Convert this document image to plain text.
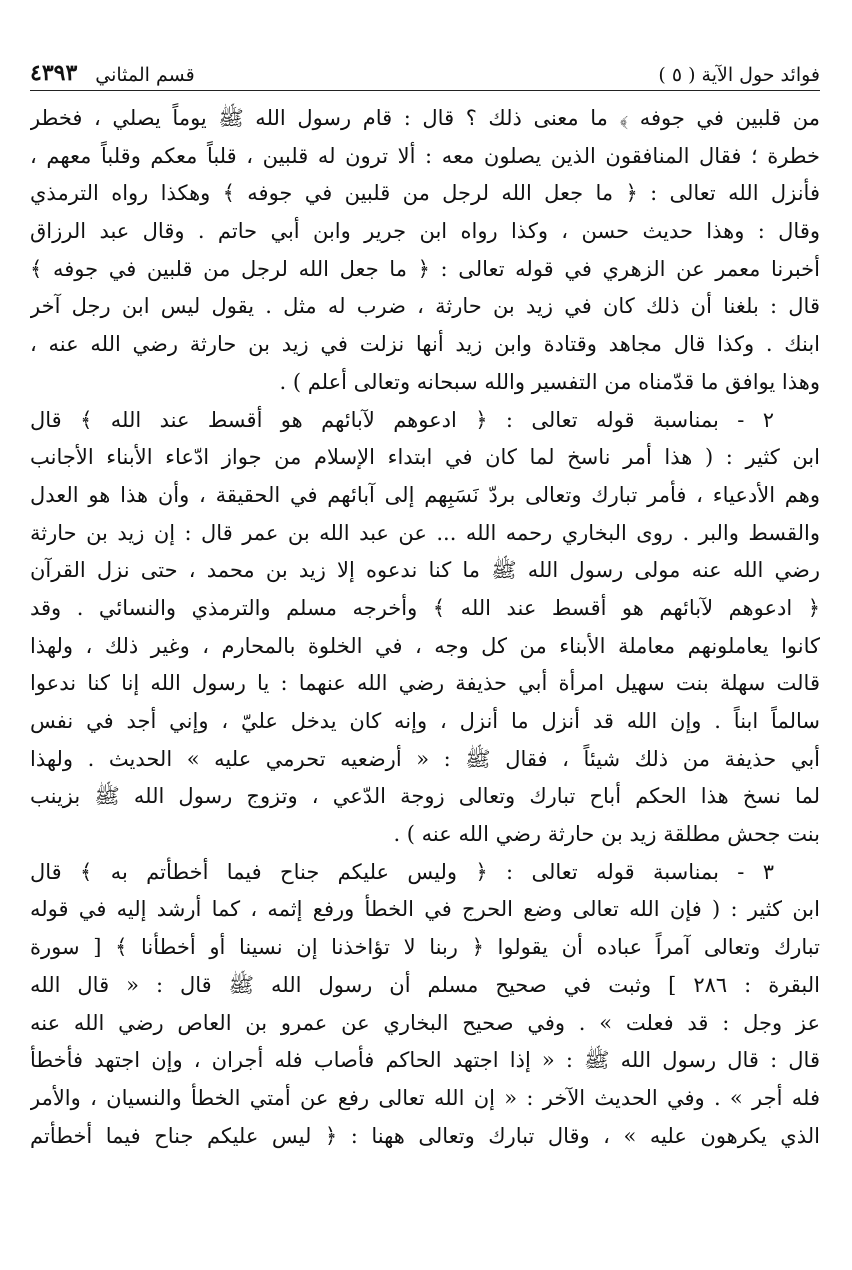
فوائد حول الآية ( ٥ )
قسم المثاني
٤٣٩٣
من قلبين في جوفه ﴾ ما معنى ذلك ؟ قال : قام رسول الله ﷺ يوماً يصلي ، فخطر
خطرة ؛ فقال المنافقون الذين يصلون معه : ألا ترون له قلبين ، قلباً معكم وقلباً معهم ،
فأنزل الله تعالى : ﴿ ما جعل الله لرجل من قلبين في جوفه ﴾ وهكذا رواه الترمذي
وقال : وهذا حديث حسن ، وكذا رواه ابن جرير وابن أبي حاتم . وقال عبد الرزاق
أخبرنا معمر عن الزهري في قوله تعالى : ﴿ ما جعل الله لرجل من قلبين في جوفه ﴾
قال : بلغنا أن ذلك كان في زيد بن حارثة ، ضرب له مثل . يقول ليس ابن رجل آخر
ابنك . وكذا قال مجاهد وقتادة وابن زيد أنها نزلت في زيد بن حارثة رضي الله عنه ،
وهذا يوافق ما قدّمناه من التفسير والله سبحانه وتعالى أعلم ) .
٢ - بمناسبة قوله تعالى : ﴿ ادعوهم لآبائهم هو أقسط عند الله ﴾ قال
ابن كثير : ( هذا أمر ناسخ لما كان في ابتداء الإسلام من جواز ادّعاء الأبناء الأجانب
وهم الأدعياء ، فأمر تبارك وتعالى بردّ نَسَبِهم إلى آبائهم في الحقيقة ، وأن هذا هو العدل
والقسط والبر . روى البخاري رحمه الله ... عن عبد الله بن عمر قال : إن زيد بن حارثة
رضي الله عنه مولى رسول الله ﷺ ما كنا ندعوه إلا زيد بن محمد ، حتى نزل القرآن
﴿ ادعوهم لآبائهم هو أقسط عند الله ﴾ وأخرجه مسلم والترمذي والنسائي . وقد
كانوا يعاملونهم معاملة الأبناء من كل وجه ، في الخلوة بالمحارم ، وغير ذلك ، ولهذا
قالت سهلة بنت سهيل امرأة أبي حذيفة رضي الله عنهما : يا رسول الله إنا كنا ندعوا
سالماً ابناً . وإن الله قد أنزل ما أنزل ، وإنه كان يدخل عليّ ، وإني أجد في نفس
أبي حذيفة من ذلك شيئاً ، فقال ﷺ : « أرضعيه تحرمي عليه » الحديث . ولهذا
لما نسخ هذا الحكم أباح تبارك وتعالى زوجة الدّعي ، وتزوج رسول الله ﷺ بزينب
بنت جحش مطلقة زيد بن حارثة رضي الله عنه ) .
٣ - بمناسبة قوله تعالى : ﴿ وليس عليكم جناح فيما أخطأتم به ﴾ قال
ابن كثير : ( فإن الله تعالى وضع الحرج في الخطأ ورفع إثمه ، كما أرشد إليه في قوله
تبارك وتعالى آمراً عباده أن يقولوا ﴿ ربنا لا تؤاخذنا إن نسينا أو أخطأنا ﴾ [ سورة
البقرة : ٢٨٦ ] وثبت في صحيح مسلم أن رسول الله ﷺ قال : « قال الله
عز وجل : قد فعلت » . وفي صحيح البخاري عن عمرو بن العاص رضي الله عنه
قال : قال رسول الله ﷺ : « إذا اجتهد الحاكم فأصاب فله أجران ، وإن اجتهد فأخطأ
فله أجر » . وفي الحديث الآخر : « إن الله تعالى رفع عن أمتي الخطأ والنسيان ، والأمر
الذي يكرهون عليه » ، وقال تبارك وتعالى ههنا : ﴿ ليس عليكم جناح فيما أخطأتم
